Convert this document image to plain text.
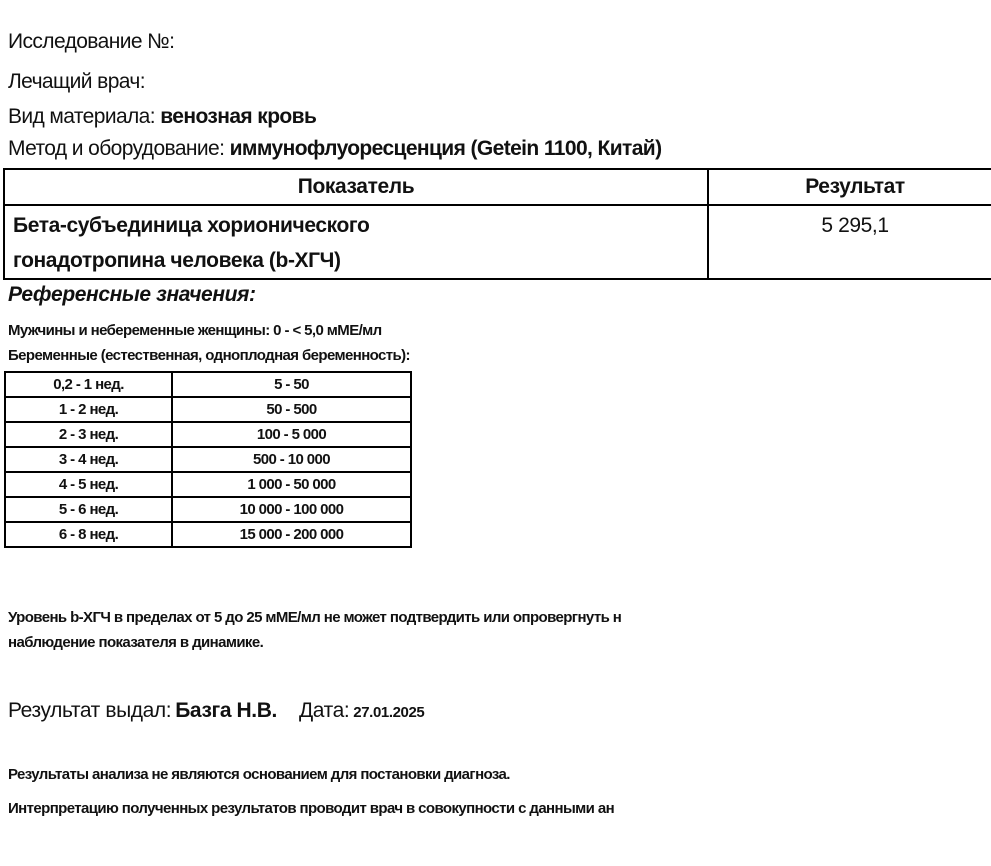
Исследование №:
Лечащий врач:
Вид материала: венозная кровь
Метод и оборудование: иммунофлуоресценция (Getein 1100, Китай)
Показатель	Результат
Бета-субъединица хорионического
гонадотропина человека (b-ХГЧ)	5 295,1
Референсные значения:
Мужчины и небеременные женщины: 0 - < 5,0 мМЕ/мл
Беременные (естественная, одноплодная беременность):
0,2 - 1 нед.	5 - 50
1 - 2 нед.	50 - 500
2 - 3 нед.	100 - 5 000
3 - 4 нед.	500 - 10 000
4 - 5 нед.	1 000 - 50 000
5 - 6 нед.	10 000 - 100 000
6 - 8 нед.	15 000 - 200 000
Уровень b-ХГЧ в пределах от 5 до 25 мМЕ/мл не может подтвердить или опровергнуть н
наблюдение показателя в динамике.
Результат выдал: Базга Н.В. Дата: 27.01.2025
Результаты анализа не являются основанием для постановки диагноза.
Интерпретацию полученных результатов проводит врач в совокупности с данными ан
